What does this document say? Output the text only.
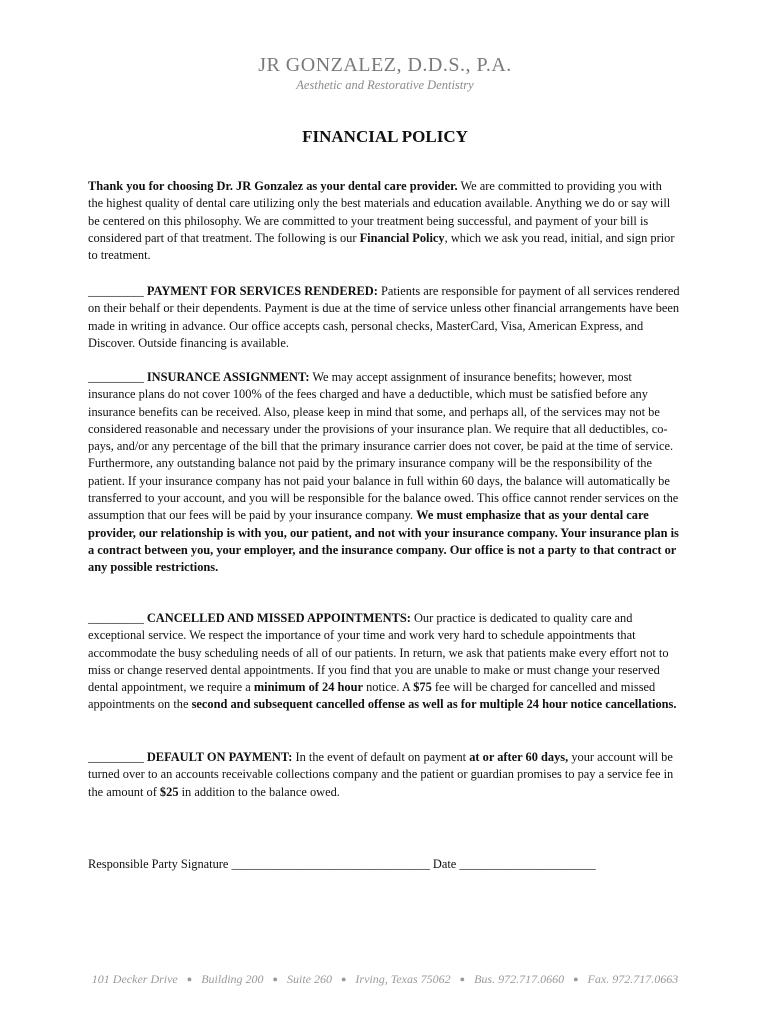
JR GONZALEZ, D.D.S., P.A.
Aesthetic and Restorative Dentistry
FINANCIAL POLICY

Thank you for choosing Dr. JR Gonzalez as your dental care provider. We are committed to providing you with the highest quality of dental care utilizing only the best materials and education available. Anything we do or say will be centered on this philosophy. We are committed to your treatment being successful, and payment of your bill is considered part of that treatment. The following is our Financial Policy, which we ask you read, initial, and sign prior to treatment.

_________ PAYMENT FOR SERVICES RENDERED: Patients are responsible for payment of all services rendered on their behalf or their dependents. Payment is due at the time of service unless other financial arrangements have been made in writing in advance. Our office accepts cash, personal checks, MasterCard, Visa, American Express, and Discover. Outside financing is available.

_________ INSURANCE ASSIGNMENT: We may accept assignment of insurance benefits; however, most insurance plans do not cover 100% of the fees charged and have a deductible, which must be satisfied before any insurance benefits can be received. Also, please keep in mind that some, and perhaps all, of the services may not be considered reasonable and necessary under the provisions of your insurance plan. We require that all deductibles, co-pays, and/or any percentage of the bill that the primary insurance carrier does not cover, be paid at the time of service. Furthermore, any outstanding balance not paid by the primary insurance company will be the responsibility of the patient. If your insurance company has not paid your balance in full within 60 days, the balance will automatically be transferred to your account, and you will be responsible for the balance owed. This office cannot render services on the assumption that our fees will be paid by your insurance company. We must emphasize that as your dental care provider, our relationship is with you, our patient, and not with your insurance company. Your insurance plan is a contract between you, your employer, and the insurance company. Our office is not a party to that contract or any possible restrictions.

_________ CANCELLED AND MISSED APPOINTMENTS: Our practice is dedicated to quality care and exceptional service. We respect the importance of your time and work very hard to schedule appointments that accommodate the busy scheduling needs of all of our patients. In return, we ask that patients make every effort not to miss or change reserved dental appointments. If you find that you are unable to make or must change your reserved dental appointment, we require a minimum of 24 hour notice. A $75 fee will be charged for cancelled and missed appointments on the second and subsequent cancelled offense as well as for multiple 24 hour notice cancellations.

_________ DEFAULT ON PAYMENT: In the event of default on payment at or after 60 days, your account will be turned over to an accounts receivable collections company and the patient or guardian promises to pay a service fee in the amount of $25 in addition to the balance owed.

Responsible Party Signature ________________________________ Date ______________________
101 Decker Drive ● Building 200 ● Suite 260 ● Irving, Texas 75062 ● Bus. 972.717.0660 ● Fax. 972.717.0663
